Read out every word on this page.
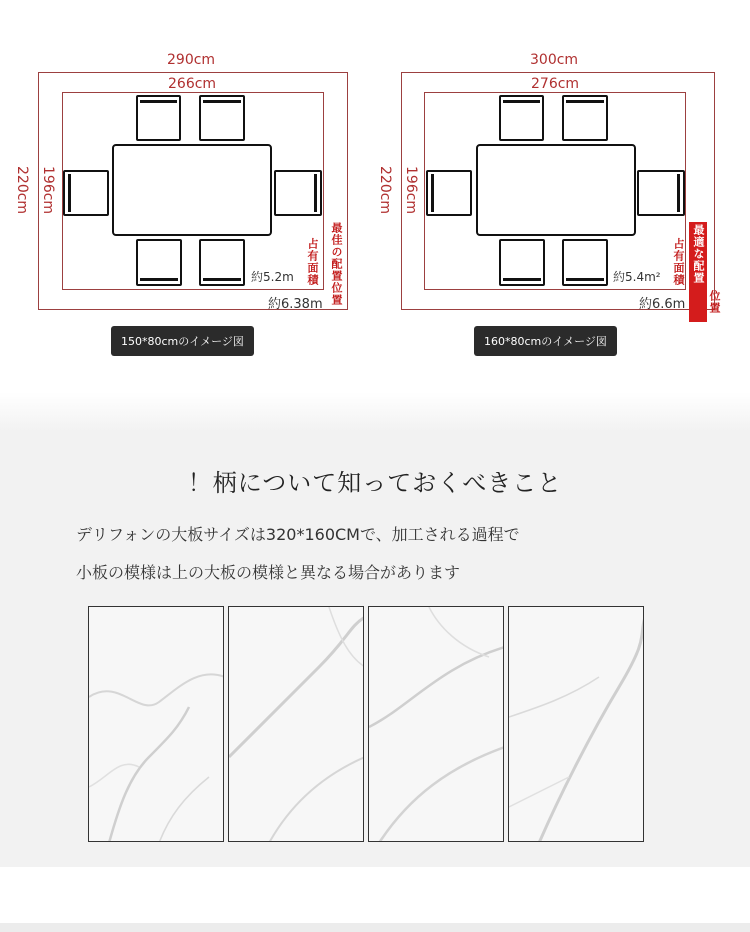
290cm
266cm
220cm 196cm
占有面積 最佳の配置位置
約5.2m
約6.38m
150*80cmのイメージ図
300cm
276cm
220cm 196cm
占有面積 最適な配置
位置
約5.4m²
約6.6m
160*80cmのイメージ図
！柄について知っておくべきこと
デリフォンの大板サイズは320*160CMで、加工される過程で
小板の模様は上の大板の模様と異なる場合があります
